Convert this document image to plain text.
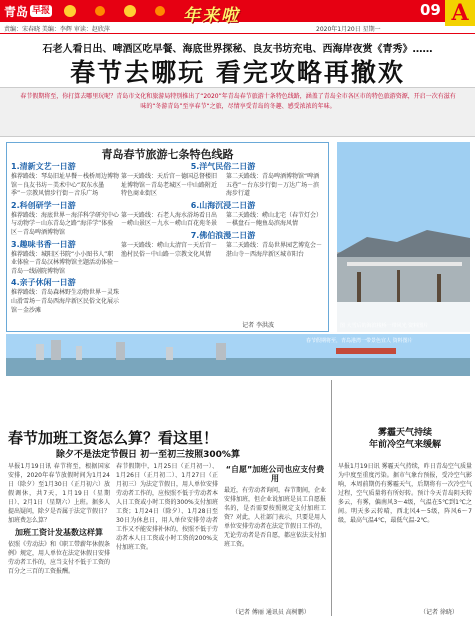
青岛 早报	年来啦	09 A
责编：宋春晓 美编：李辉 审读：赵欣萍	2020年1月20日 星期一
石老人看日出、啤酒区吃早餐、海底世界探秘、良友书坊充电、西海岸夜赏《青秀》……
春节去哪玩 看完攻略再撤欢
春节假期将至，你打算去哪里玩呢？青岛市文化和旅游局特别推出了“2020”年青岛春节旅游十条特色线路，涵盖了青岛全市各区市的特色旅游资源，开启一次有滋有味的“冬游青岛”至享春节“之旅，尽情享受青岛的冬趣、感受浓浓的年味。
青岛春节旅游七条特色线路
1.清新文艺一日游
推荐路线：琴岛旧址早餐－栈桥周边博物馆－良友书坊－美术中心“双东水墨季”－宗教风情步行街－音乐广场
2.科创研学一日游
推荐路线：海底世界－海洋科学研究中心与动物学－山东青岛之路“海洋学”体验区－青岛啤酒博物馆
3.趣味书香一日游
推荐路线：城阳区书院“小小图书人”职业体验－青岛汉林博物馆主题活动体验－青岛一线剧院博物馆
4.亲子休闲一日游
推荐路线：青岛森林野生动物世界－灵珠山滑雪场－青岛西海岸新区民俗文化展示馆－金沙滩
5.洋气民俗二日游
第一天路线：天后宫－德国总督楼旧址博物馆－青岛老城区－中山路附近特色商业街区
第二天路线：青岛啤酒博物馆“啤酒五巷”－台东步行街－万达广场－滨海步行道
6.山海沉浸二日游
第一天路线：石老人海水浴场看日出－崂山景区－九水－崂山百花苑冬景
第二天路线：崂山北宅（春节灯会）－棋盘石－鲍鱼岛滨海风情
7.佛伯浪漫二日游
第一天路线：崂山太清宫－天后宫－渔村民俗－中山路－宗教文化风情
第二天路线：青岛世界园艺博览会－湛山寺－西海岸新区城市阳台
记者 李洪波	图 大雪后的海滨栈桥一带风光 资料图片
春节假期将至，青岛港湾一带景色宜人 资料图片
春节加班工资怎么算？看这里！
除夕不是法定节假日 初一至初三按照300%算
早报1月19日讯 春节将至，根据国家安排，2020年春节放假时间为1月24日（除夕）至1月30日（正月初六）放假调休，共7天，1月19日（星期日）、2月1日（星期六）上班。据多人提出疑问，除夕是否属于法定节假日？加班费怎么算？
加班工资计发基数这样算
依照《劳动法》和《职工带薪年休假条例》规定，用人单位在法定休假日安排劳动者工作的，应当支付不低于工资的百分之三百的工资报酬。
春节假期中，1月25日（正月初一）、1月26日（正月初二）、1月27日（正月初三）为法定节假日，用人单位安排劳动者工作的，应按照不低于劳动者本人日工资或小时工资的300%支付加班工资；1月24日（除夕）、1月28日至30日为休息日，用人单位安排劳动者工作又不能安排补休的，按照不低于劳动者本人日工资或小时工资的200%支付加班工资。
“自愿”加班公司也应支付费用
最近，有劳动者询问，春节期间，企业安排加班，但企业说加班是员工自愿报名的，是否需要按照规定支付加班工资？对此，人社部门表示，只要是用人单位安排劳动者在法定节假日工作的，无论劳动者是否自愿，都应依法支付加班工资。
（记者 傅丽 通讯员 高树鹏）
雾霾天气持续
年前冷空气来缓解
早报1月19日讯 雾霾天气持续，昨日青岛空气质量为中度至重度污染。据市气象台预报，受冷空气影响，本周前期仍有雾霾天气，后期将有一次冷空气过程，空气质量将有所好转。预计今天青岛阴天转多云，有雾，偏南风3～4级，气温在5℃到1℃之间。明天多云转晴，西北风4～5级，阵风6～7级，最高气温4℃，最低气温-2℃。
（记者 徐晓）
